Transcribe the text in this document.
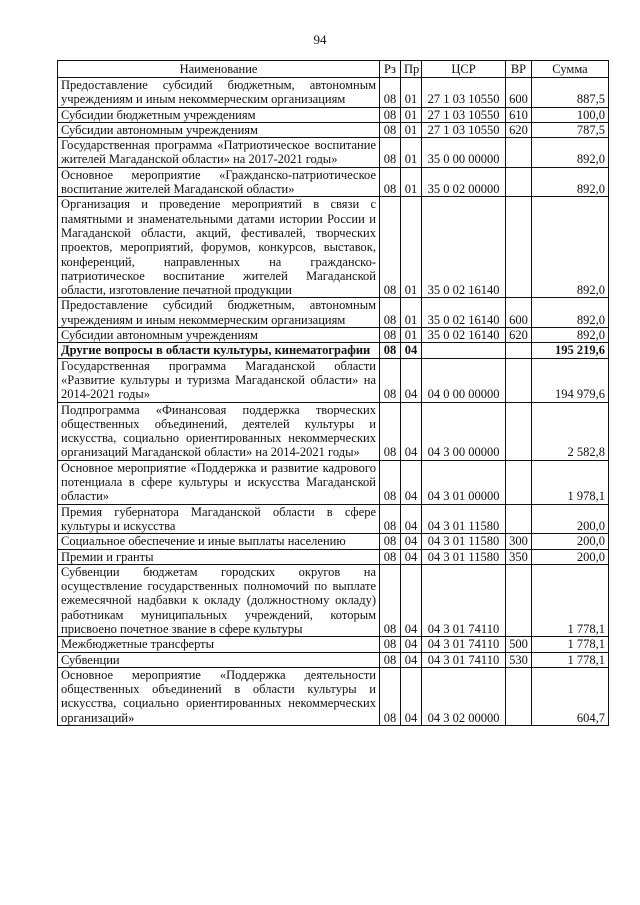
94
Наименование	Рз	Пр	ЦСР	ВР	Сумма
Предоставление субсидий бюджетным, автономным учреждениям и иным некоммерческим организациям	08	01	27 1 03 10550	600	887,5
Субсидии бюджетным учреждениям	08	01	27 1 03 10550	610	100,0
Субсидии автономным учреждениям	08	01	27 1 03 10550	620	787,5
Государственная программа «Патриотическое воспитание жителей Магаданской области» на 2017-2021 годы»	08	01	35 0 00 00000		892,0
Основное мероприятие «Гражданско-патриотическое воспитание жителей Магаданской области»	08	01	35 0 02 00000		892,0
Организация и проведение мероприятий в связи с памятными и знаменательными датами истории России и Магаданской области, акций, фестивалей, творческих проектов, мероприятий, форумов, конкурсов, выставок, конференций, направленных на гражданско-патриотическое воспитание жителей Магаданской области, изготовление печатной продукции	08	01	35 0 02 16140		892,0
Предоставление субсидий бюджетным, автономным учреждениям и иным некоммерческим организациям	08	01	35 0 02 16140	600	892,0
Субсидии автономным учреждениям	08	01	35 0 02 16140	620	892,0
Другие вопросы в области культуры, кинематографии	08	04			195 219,6
Государственная программа Магаданской области «Развитие культуры и туризма Магаданской области» на 2014-2021 годы»	08	04	04 0 00 00000		194 979,6
Подпрограмма «Финансовая поддержка творческих общественных объединений, деятелей культуры и искусства, социально ориентированных некоммерческих организаций Магаданской области» на 2014-2021 годы»	08	04	04 3 00 00000		2 582,8
Основное мероприятие «Поддержка и развитие кадрового потенциала в сфере культуры и искусства Магаданской области»	08	04	04 3 01 00000		1 978,1
Премия губернатора Магаданской области в сфере культуры и искусства	08	04	04 3 01 11580		200,0
Социальное обеспечение и иные выплаты населению	08	04	04 3 01 11580	300	200,0
Премии и гранты	08	04	04 3 01 11580	350	200,0
Субвенции бюджетам городских округов на осуществление государственных полномочий по выплате ежемесячной надбавки к окладу (должностному окладу) работникам муниципальных учреждений, которым присвоено почетное звание в сфере культуры	08	04	04 3 01 74110		1 778,1
Межбюджетные трансферты	08	04	04 3 01 74110	500	1 778,1
Субвенции	08	04	04 3 01 74110	530	1 778,1
Основное мероприятие «Поддержка деятельности общественных объединений в области культуры и искусства, социально ориентированных некоммерческих организаций»	08	04	04 3 02 00000		604,7
